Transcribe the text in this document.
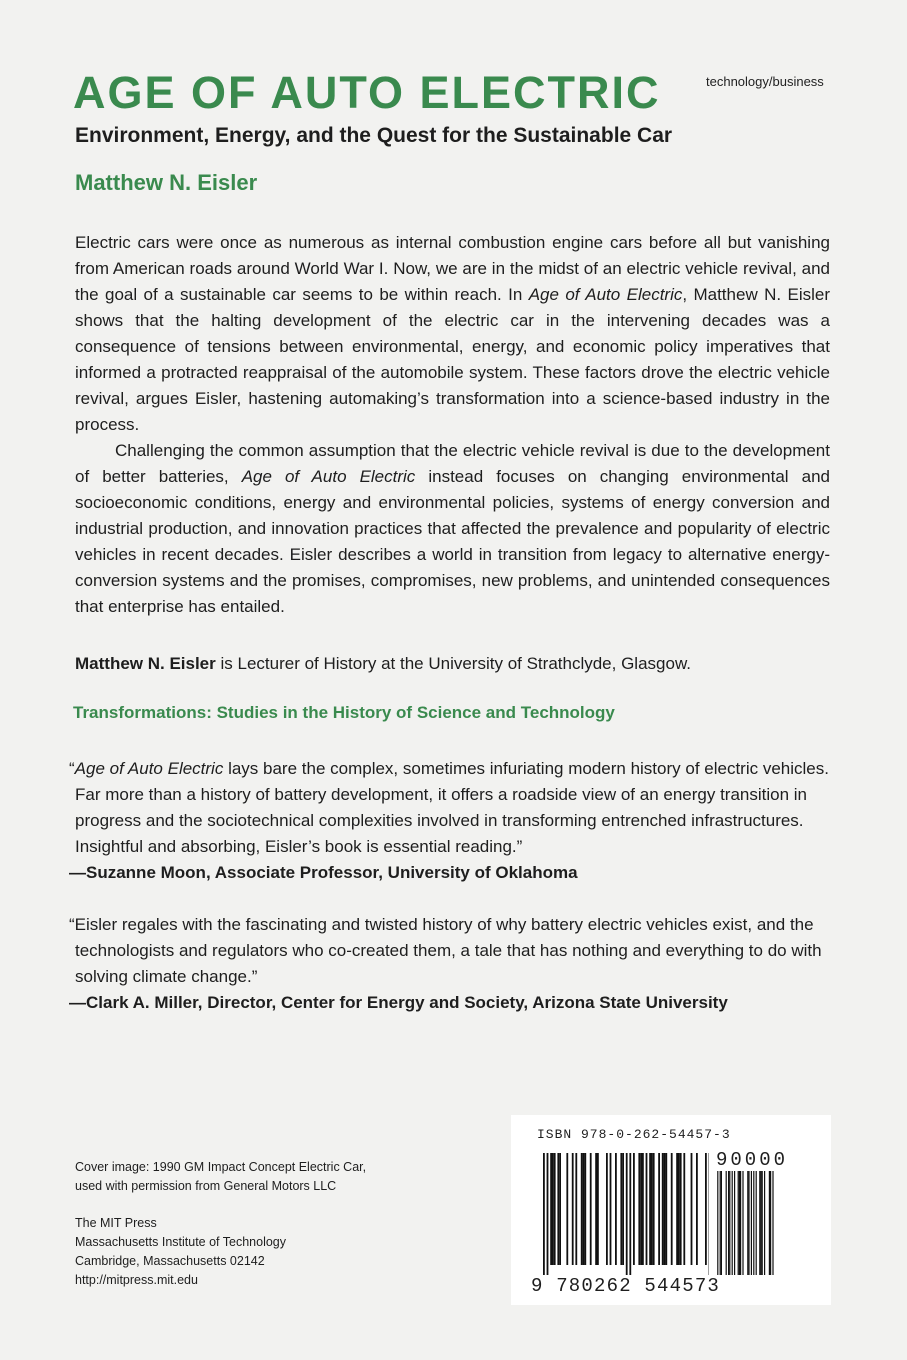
technology/business
AGE OF AUTO ELECTRIC
Environment, Energy, and the Quest for the Sustainable Car
Matthew N. Eisler

Electric cars were once as numerous as internal combustion engine cars before all but vanishing from American roads around World War I. Now, we are in the midst of an electric vehicle revival, and the goal of a sustainable car seems to be within reach. In Age of Auto Electric, Matthew N. Eisler shows that the halting development of the electric car in the intervening decades was a consequence of tensions between environmental, energy, and economic policy imperatives that informed a protracted reappraisal of the automobile system. These factors drove the electric vehicle revival, argues Eisler, hastening automaking’s transformation into a science-based industry in the process.

Challenging the common assumption that the electric vehicle revival is due to the development of better batteries, Age of Auto Electric instead focuses on changing environmental and socioeconomic conditions, energy and environmental policies, systems of energy conversion and industrial production, and innovation practices that affected the prevalence and popularity of electric vehicles in recent decades. Eisler describes a world in transition from legacy to alternative energy-conversion systems and the promises, compromises, new problems, and unintended consequences that enterprise has entailed.

Matthew N. Eisler is Lecturer of History at the University of Strathclyde, Glasgow.

Transformations: Studies in the History of Science and Technology

“Age of Auto Electric lays bare the complex, sometimes infuriating modern history of electric vehicles. Far more than a history of battery development, it offers a roadside view of an energy transition in progress and the sociotechnical complexities involved in transforming entrenched infrastructures. Insightful and absorbing, Eisler’s book is essential reading.”

—Suzanne Moon, Associate Professor, University of Oklahoma

“Eisler regales with the fascinating and twisted history of why battery electric vehicles exist, and the technologists and regulators who co-created them, a tale that has nothing and everything to do with solving climate change.”

—Clark A. Miller, Director, Center for Energy and Society, Arizona State University

Cover image: 1990 GM Impact Concept Electric Car,
used with permission from General Motors LLC
The MIT Press
Massachusetts Institute of Technology
Cambridge, Massachusetts 02142
http://mitpress.mit.edu
ISBN 978-0-262-54457-3
90000
9 780262 544573
